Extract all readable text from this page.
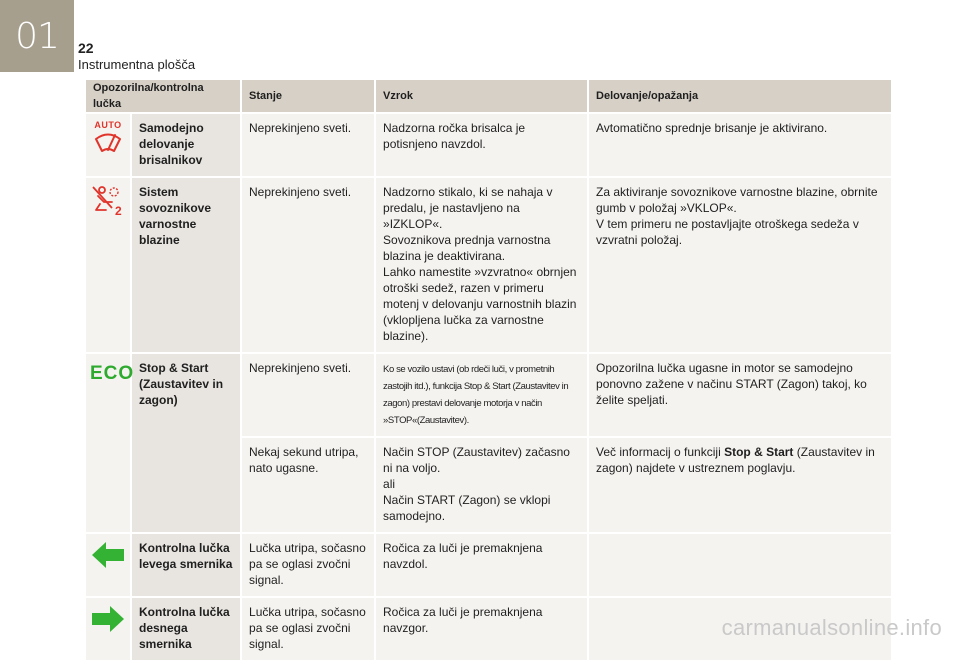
01 22
Instrumentna plošča
Opozorilna/kontrolna lučka		Stanje	Vzrok	Delovanje/opažanja

AUTO	Samodejno delovanje brisalnikov	Neprekinjeno sveti.	Nadzorna ročka brisalca je potisnjeno navzdol.	Avtomatično sprednje brisanje je aktivirano.

2	Sistem sovoznikove varnostne blazine	Neprekinjeno sveti.	Nadzorno stikalo, ki se nahaja v predalu, je nastavljeno na »IZKLOP«.
Sovoznikova prednja varnostna blazina je deaktivirana.
Lahko namestite »vzvratno« obrnjen otroški sedež, razen v primeru motenj v delovanju varnostnih blazin (vklopljena lučka za varnostne blazine).	Za aktiviranje sovoznikove varnostne blazine, obrnite gumb v položaj »VKLOP«.
V tem primeru ne postavljajte otroškega sedeža v vzvratni položaj.
ECO	Stop & Start (Zaustavitev in zagon)	Neprekinjeno sveti.	Ko se vozilo ustavi (ob rdeči luči, v prometnih zastojih itd.), funkcija Stop & Start (Zaustavitev in zagon) prestavi delovanje motorja v način »STOP«(Zaustavitev).	Opozorilna lučka ugasne in motor se samodejno ponovno zažene v načinu START (Zagon) takoj, ko želite speljati.
		Nekaj sekund utripa, nato ugasne.	Način STOP (Zaustavitev) začasno ni na voljo.
ali
Način START (Zagon) se vklopi samodejno.	Več informacij o funkciji Stop & Start (Zaustavitev in zagon) najdete v ustreznem poglavju.
	Kontrolna lučka levega smernika	Lučka utripa, sočasno pa se oglasi zvočni signal.	Ročica za luči je premaknjena navzdol.	
	Kontrolna lučka desnega smernika	Lučka utripa, sočasno pa se oglasi zvočni signal.	Ročica za luči je premaknjena navzgor.		carmanualsonline.info
